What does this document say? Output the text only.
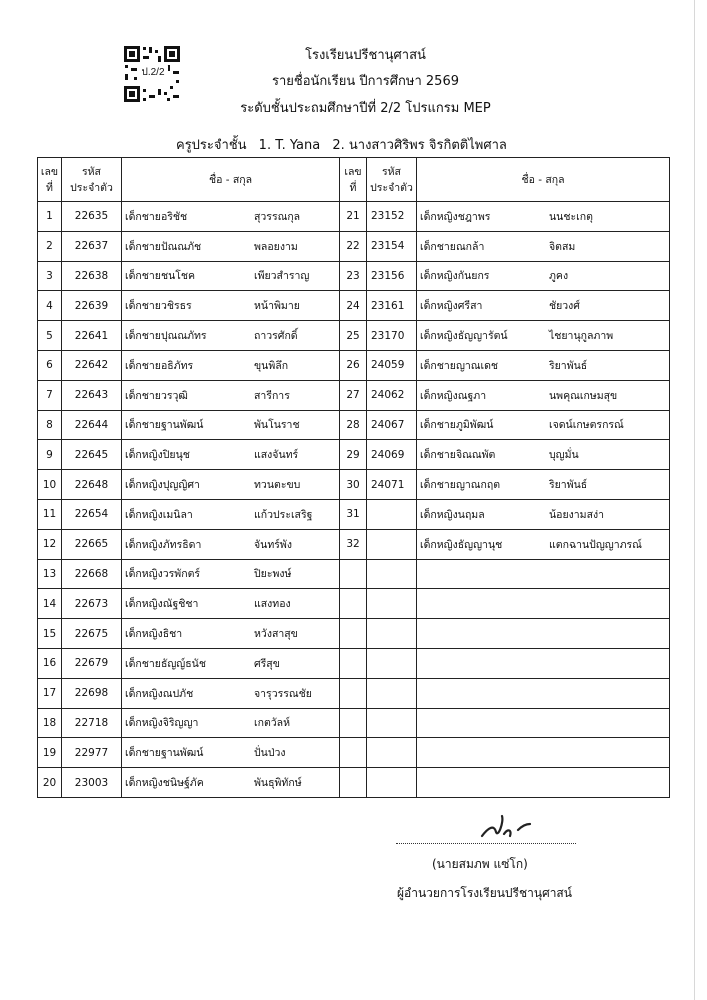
ป.2/2
โรงเรียนปรีชานุศาสน์
รายชื่อนักเรียน ปีการศึกษา 2569
ระดับชั้นประถมศึกษาปีที่ 2/2 โปรแกรม MEP
ครูประจำชั้น 1. T. Yana 2. นางสาวศิริพร จิรกิตติไพศาล
เลข
ที่	รหัส
ประจำตัว	ชื่อ - สกุล	เลข
ที่	รหัส
ประจำตัว	ชื่อ - สกุล
1	22635	เด็กชายอริชัช สุวรรณกุล	21	23152	เด็กหญิงชฎาพร นนชะเกตุ
2	22637	เด็กชายปัณณภัช พลอยงาม	22	23154	เด็กชายณกล้า จิตสม
3	22638	เด็กชายชนโชค เพียวสำราญ	23	23156	เด็กหญิงกันยกร ภูคง
4	22639	เด็กชายวชิรธร หน้าพิมาย	24	23161	เด็กหญิงศรีสา ชัยวงศ์
5	22641	เด็กชายปุณณภัทร ถาวรศักดิ์	25	23170	เด็กหญิงธัญญารัตน์ ไชยานุกูลภาพ
6	22642	เด็กชายอธิภัทร ขุนพิลึก	26	24059	เด็กชายญาณเดช ริยาพันธ์
7	22643	เด็กชายวรวุฒิ สารีการ	27	24062	เด็กหญิงณฐภา นพคุณเกษมสุข
8	22644	เด็กชายฐานพัฒน์ พันโนราช	28	24067	เด็กชายภูมิพัฒน์ เจดน์เกษตรกรณ์
9	22645	เด็กหญิงปิยนุช แสงจันทร์	29	24069	เด็กชายจิณณพัต บุญมั่น
10	22648	เด็กหญิงปุญญิศา ทวนตะขบ	30	24071	เด็กชายญาณกฤต ริยาพันธ์
11	22654	เด็กหญิงเมนิลา แก้วประเสริฐ	31		เด็กหญิงนฤมล น้อยงามสง่า
12	22665	เด็กหญิงภัทรธิดา จันทร์พัง	32		เด็กหญิงธัญญานุช แตกฉานปัญญาภรณ์
13	22668	เด็กหญิงวรพักตร์ ปิยะพงษ์			
14	22673	เด็กหญิงณัฐชิชา แสงทอง			
15	22675	เด็กหญิงธิชา หวังสาสุข			
16	22679	เด็กชายธัญญ์ธนัช ศรีสุข			
17	22698	เด็กหญิงณปภัช จารุวรรณชัย			
18	22718	เด็กหญิงจิริญญา เกตวัลห์			
19	22977	เด็กชายฐานพัฒน์ ปั่นป่วง			
20	23003	เด็กหญิงชนิษฐ์ภัค พันธุพิทักษ์			
(นายสมภพ แซ่โก)
ผู้อำนวยการโรงเรียนปรีชานุศาสน์
